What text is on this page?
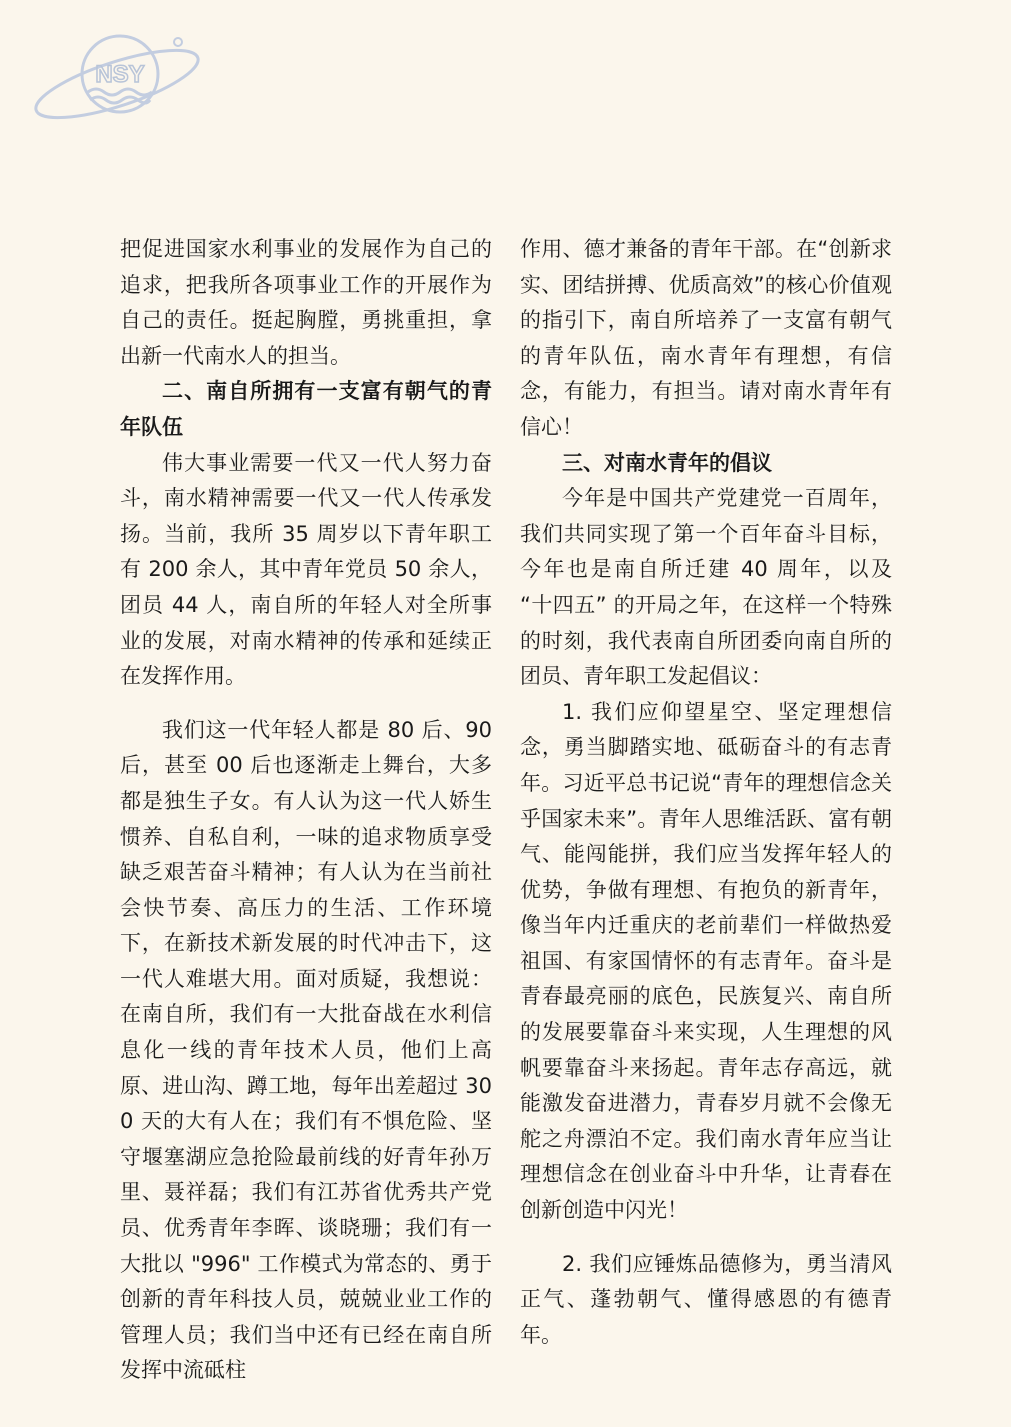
NSY

把促进国家水利事业的发展作为自己的追求，把我所各项事业工作的开展作为自己的责任。挺起胸膛，勇挑重担，拿出新一代南水人的担当。

二、南自所拥有一支富有朝气的青年队伍

伟大事业需要一代又一代人努力奋斗，南水精神需要一代又一代人传承发扬。当前，我所 35 周岁以下青年职工有 200 余人，其中青年党员 50 余人，团员 44 人，南自所的年轻人对全所事业的发展，对南水精神的传承和延续正在发挥作用。

我们这一代年轻人都是 80 后、90 后，甚至 00 后也逐渐走上舞台，大多都是独生子女。有人认为这一代人娇生惯养、自私自利，一味的追求物质享受缺乏艰苦奋斗精神；有人认为在当前社会快节奏、高压力的生活、工作环境下，在新技术新发展的时代冲击下，这一代人难堪大用。面对质疑，我想说：在南自所，我们有一大批奋战在水利信息化一线的青年技术人员，他们上高原、进山沟、蹲工地，每年出差超过 300 天的大有人在；我们有不惧危险、坚守堰塞湖应急抢险最前线的好青年孙万里、聂祥磊；我们有江苏省优秀共产党员、优秀青年李晖、谈晓珊；我们有一大批以 "996" 工作模式为常态的、勇于创新的青年科技人员，兢兢业业工作的管理人员；我们当中还有已经在南自所发挥中流砥柱

作用、德才兼备的青年干部。在“创新求实、团结拼搏、优质高效”的核心价值观的指引下，南自所培养了一支富有朝气的青年队伍，南水青年有理想，有信念，有能力，有担当。请对南水青年有信心！

三、对南水青年的倡议

今年是中国共产党建党一百周年，我们共同实现了第一个百年奋斗目标，今年也是南自所迁建 40 周年，以及 “十四五” 的开局之年，在这样一个特殊的时刻，我代表南自所团委向南自所的团员、青年职工发起倡议：

1. 我们应仰望星空、坚定理想信念，勇当脚踏实地、砥砺奋斗的有志青年。习近平总书记说“青年的理想信念关乎国家未来”。青年人思维活跃、富有朝气、能闯能拼，我们应当发挥年轻人的优势，争做有理想、有抱负的新青年，像当年内迁重庆的老前辈们一样做热爱祖国、有家国情怀的有志青年。奋斗是青春最亮丽的底色，民族复兴、南自所的发展要靠奋斗来实现，人生理想的风帆要靠奋斗来扬起。青年志存高远，就能激发奋进潜力，青春岁月就不会像无舵之舟漂泊不定。我们南水青年应当让理想信念在创业奋斗中升华，让青春在创新创造中闪光！

2. 我们应锤炼品德修为，勇当清风正气、蓬勃朝气、懂得感恩的有德青年。
